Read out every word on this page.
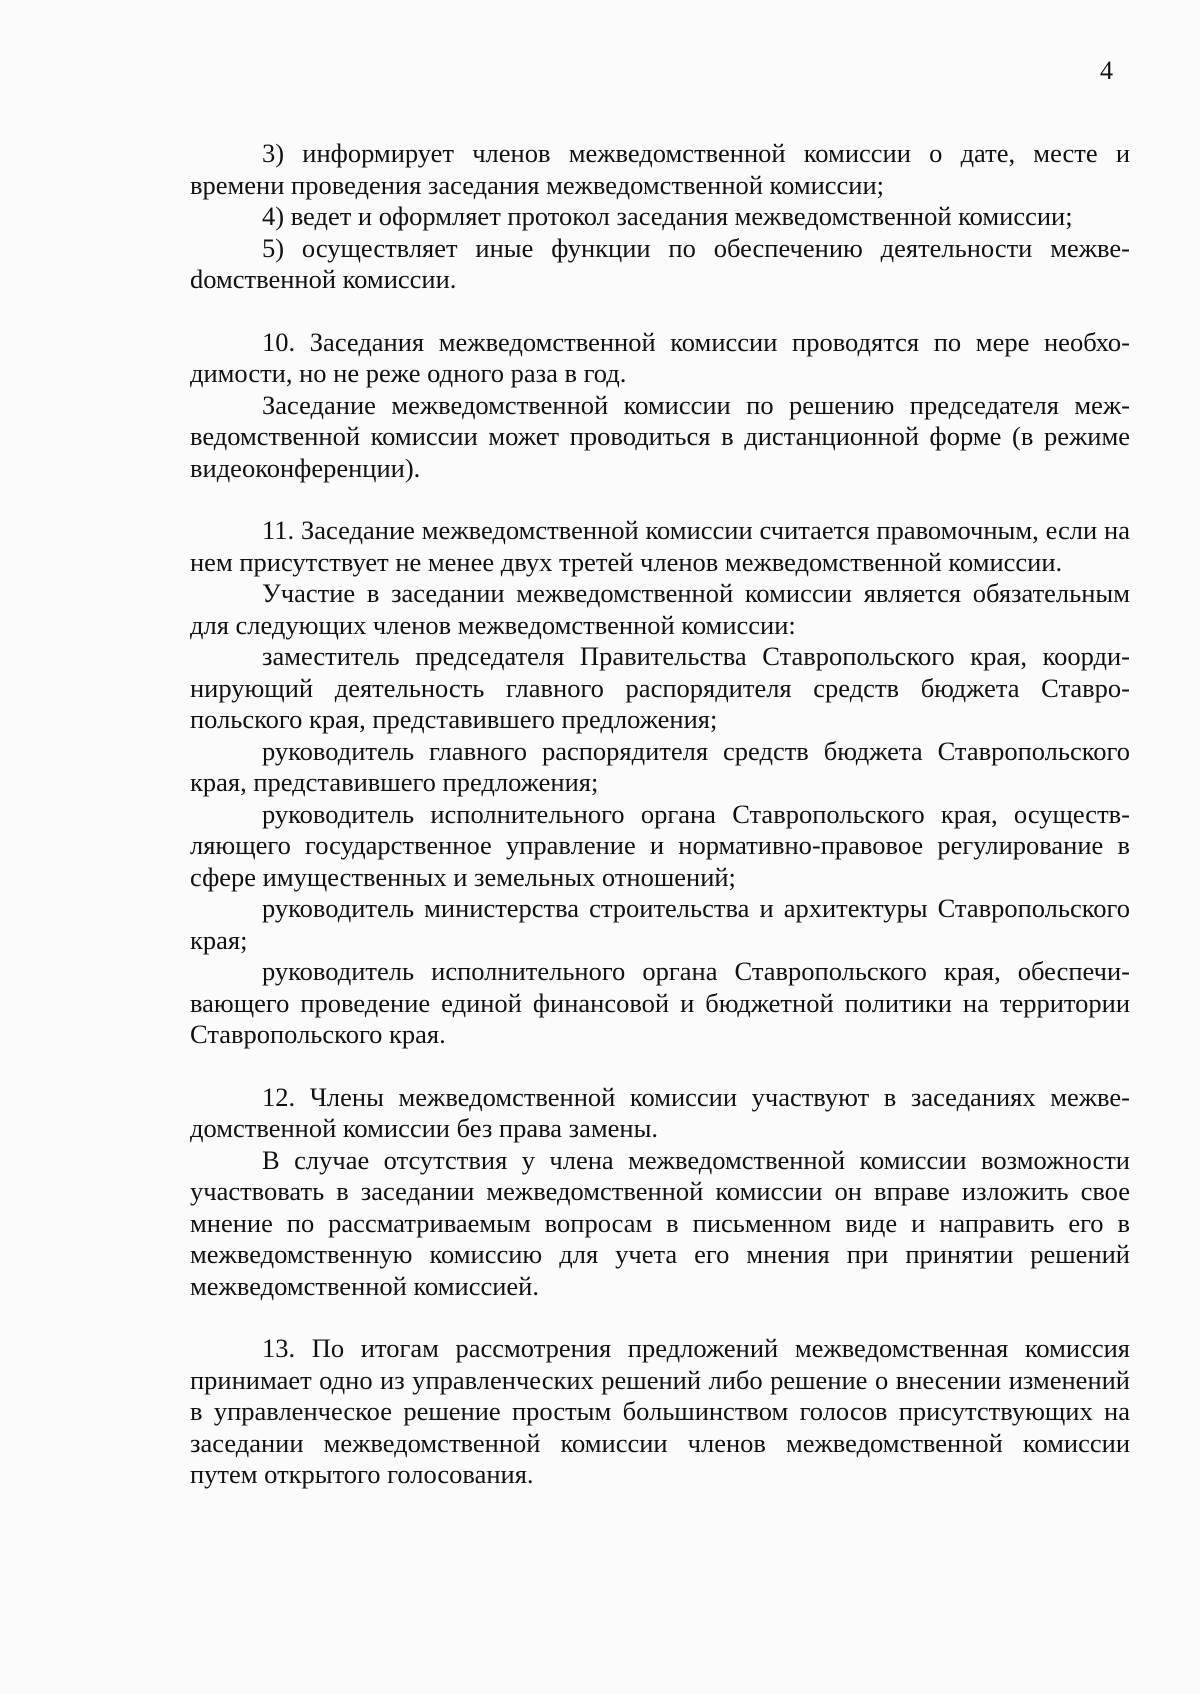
4

3) информирует членов межведомственной комиссии о дате, месте и времени проведения заседания межведомственной комиссии;

4) ведет и оформляет протокол заседания межведомственной комиссии;

5) осуществляет иные функции по обеспечению деятельности межвеdомственной комиссии.

10. Заседания межведомственной комиссии проводятся по мере необходимости, но не реже одного раза в год.

Заседание межведомственной комиссии по решению председателя межведомственной комиссии может проводиться в дистанционной форме (в режиме видеоконференции).

11. Заседание межведомственной комиссии считается правомочным, если на нем присутствует не менее двух третей членов межведомственной комиссии.

Участие в заседании межведомственной комиссии является обязательным для следующих членов межведомственной комиссии:

заместитель председателя Правительства Ставропольского края, координирующий деятельность главного распорядителя средств бюджета Ставропольского края, представившего предложения;

руководитель главного распорядителя средств бюджета Ставропольского края, представившего предложения;

руководитель исполнительного органа Ставропольского края, осуществляющего государственное управление и нормативно-правовое регулирование в сфере имущественных и земельных отношений;

руководитель министерства строительства и архитектуры Ставропольского края;

руководитель исполнительного органа Ставропольского края, обеспечивающего проведение единой финансовой и бюджетной политики на территории Ставропольского края.

12. Члены межведомственной комиссии участвуют в заседаниях межведомственной комиссии без права замены.

В случае отсутствия у члена межведомственной комиссии возможности участвовать в заседании межведомственной комиссии он вправе изложить свое мнение по рассматриваемым вопросам в письменном виде и направить его в межведомственную комиссию для учета его мнения при принятии решений межведомственной комиссией.

13. По итогам рассмотрения предложений межведомственная комиссия принимает одно из управленческих решений либо решение о внесении изменений в управленческое решение простым большинством голосов присутствующих на заседании межведомственной комиссии членов межведомственной комиссии путем открытого голосования.
